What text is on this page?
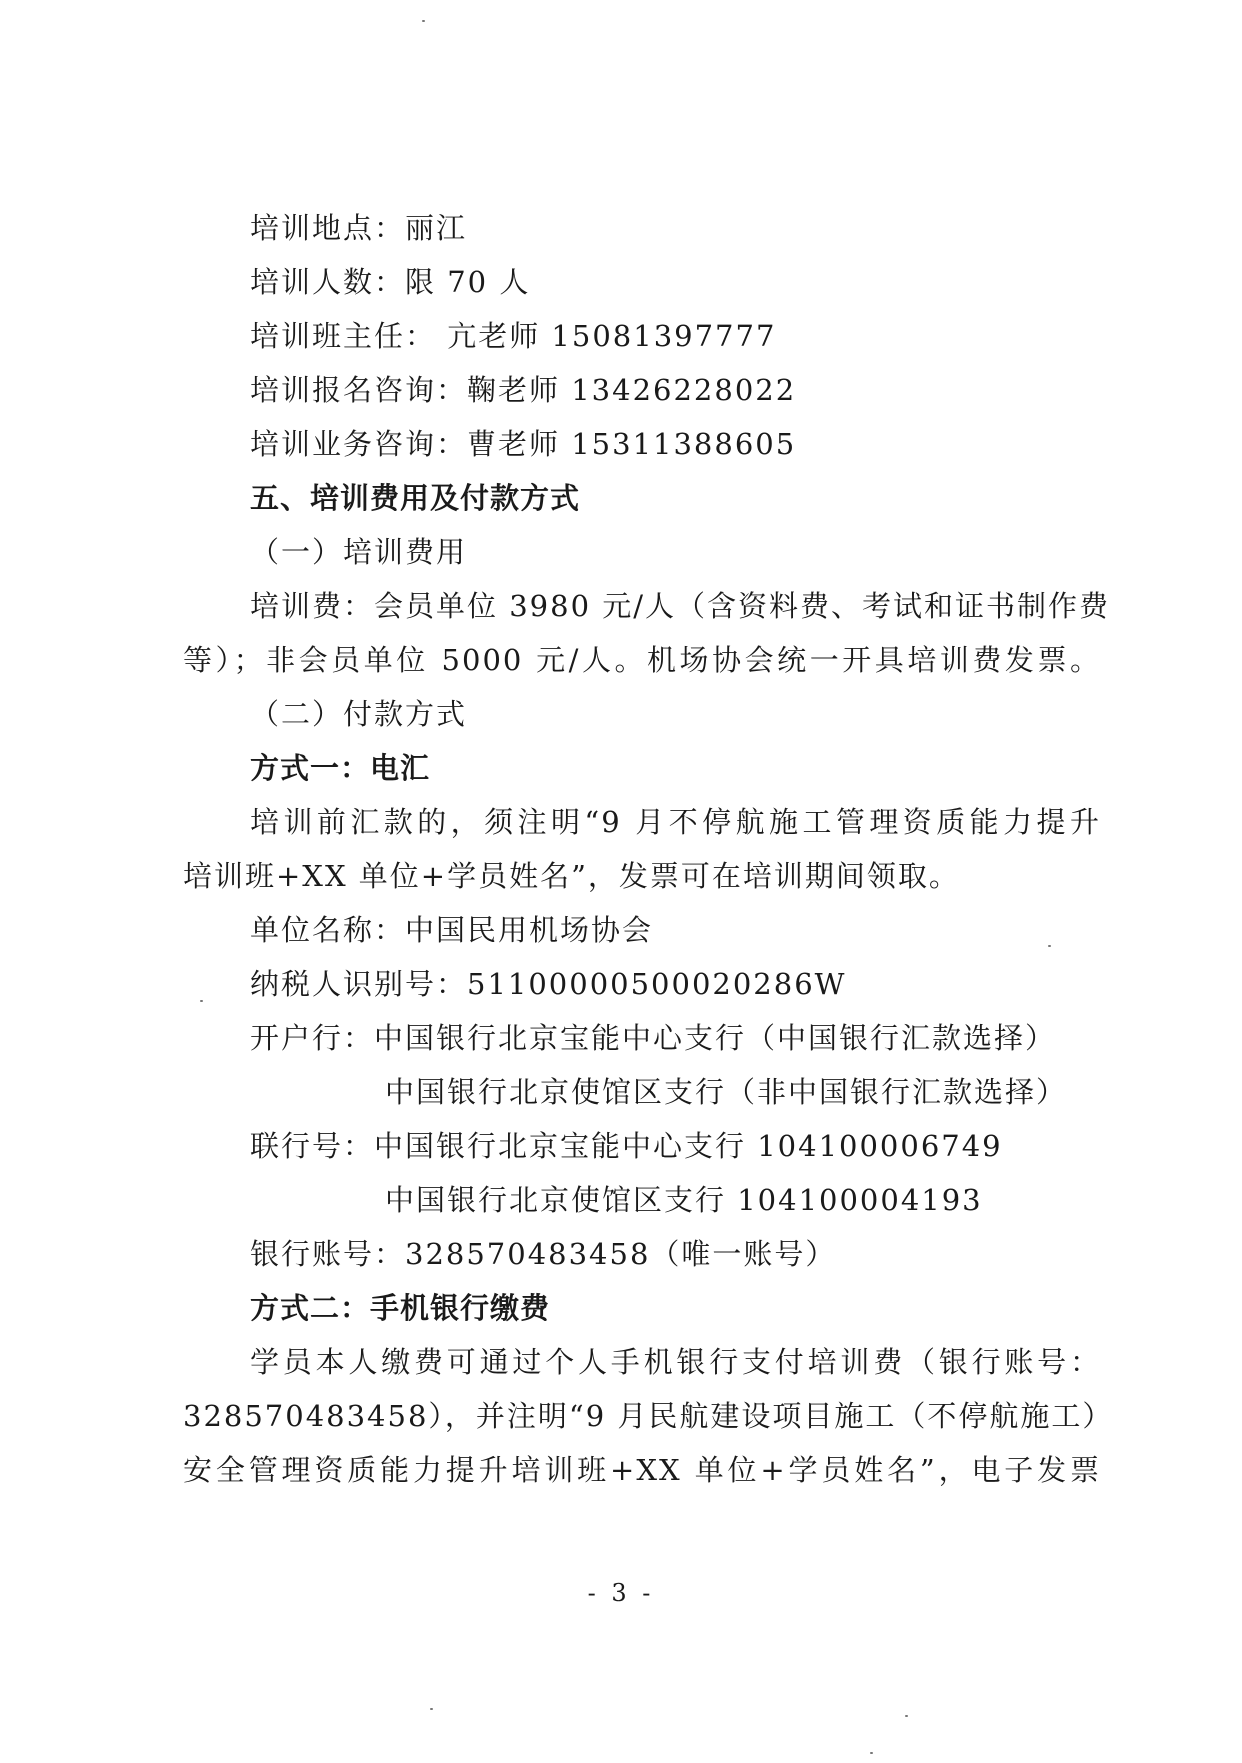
培训地点：丽江
培训人数：限 70 人
培训班主任： 亢老师 15081397777
培训报名咨询：鞠老师 13426228022
培训业务咨询：曹老师 15311388605
五、培训费用及付款方式
（一）培训费用
培训费：会员单位 3980 元/人（含资料费、考试和证书制作费
等）；非会员单位 5000 元/人。机场协会统一开具培训费发票。
（二）付款方式
方式一：电汇
培训前汇款的，须注明“9 月不停航施工管理资质能力提升
培训班+XX 单位+学员姓名”，发票可在培训期间领取。
单位名称：中国民用机场协会
纳税人识别号：51100000500020286W
开户行：中国银行北京宝能中心支行（中国银行汇款选择）
中国银行北京使馆区支行（非中国银行汇款选择）
联行号：中国银行北京宝能中心支行 104100006749
中国银行北京使馆区支行 104100004193
银行账号：328570483458（唯一账号）
方式二：手机银行缴费
学员本人缴费可通过个人手机银行支付培训费（银行账号：
328570483458），并注明“9 月民航建设项目施工（不停航施工）
安全管理资质能力提升培训班+XX 单位+学员姓名”，电子发票
- 3 -
